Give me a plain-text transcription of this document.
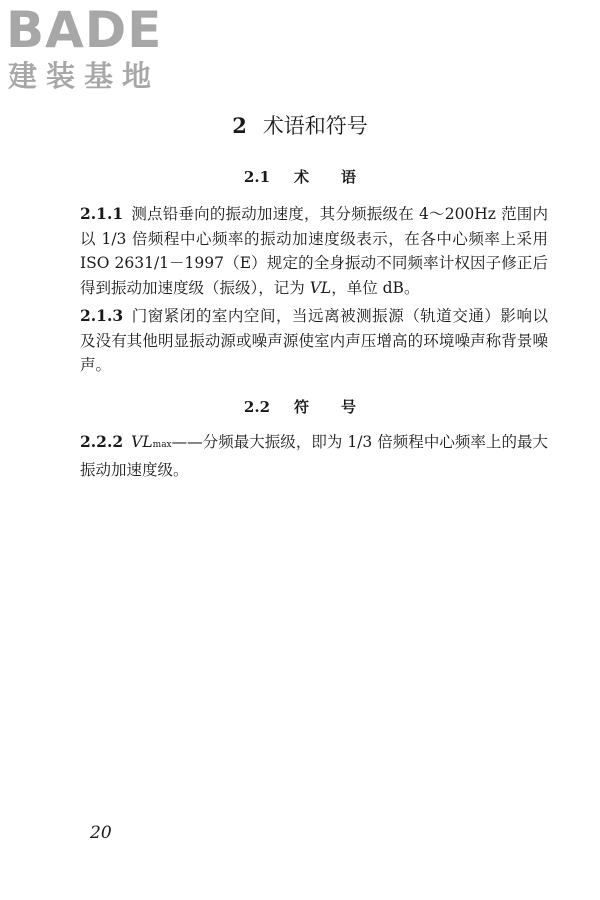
BADE
建装基地
2 术语和符号
2.1 术 语
2.1.1 测点铅垂向的振动加速度，其分频振级在 4～200Hz 范围内以 1/3 倍频程中心频率的振动加速度级表示，在各中心频率上采用 ISO 2631/1－1997（E）规定的全身振动不同频率计权因子修正后得到振动加速度级（振级），记为 VL，单位 dB。
2.1.3 门窗紧闭的室内空间，当远离被测振源（轨道交通）影响以及没有其他明显振动源或噪声源使室内声压增高的环境噪声称背景噪声。
2.2 符 号
2.2.2 VLmax——分频最大振级，即为 1/3 倍频程中心频率上的最大振动加速度级。
20
